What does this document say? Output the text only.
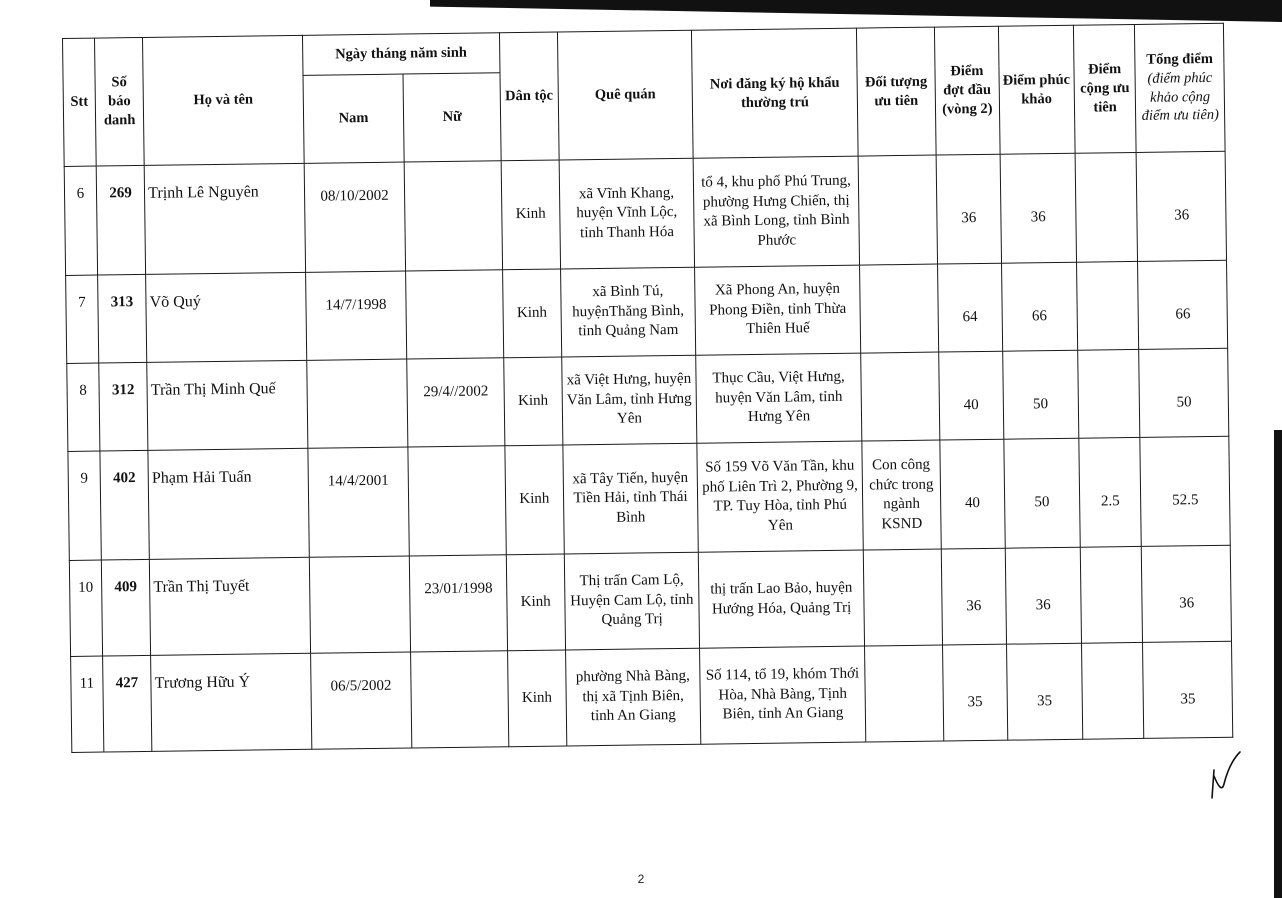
Stt	Số báo danh	Họ và tên	Ngày tháng năm sinh		Dân tộc	Quê quán	Nơi đăng ký hộ khẩu thường trú	Đối tượng ưu tiên	Điểm đợt đầu (vòng 2)	Điểm phúc khảo	Điểm cộng ưu tiên	Tổng điểm
(điểm phúc khảo cộng điểm ưu tiên)
			Nam	Nữ								
6	269	Trịnh Lê Nguyên	08/10/2002		Kinh	xã Vĩnh Khang, huyện Vĩnh Lộc, tỉnh Thanh Hóa	tổ 4, khu phố Phú Trung, phường Hưng Chiến, thị xã Bình Long, tỉnh Bình Phước		36	36		36
7	313	Võ Quý	14/7/1998		Kinh	xã Bình Tú, huyệnThăng Bình, tỉnh Quảng Nam	Xã Phong An, huyện Phong Điền, tỉnh Thừa Thiên Huế		64	66		66
8	312	Trần Thị Minh Quế		29/4//2002	Kinh	xã Việt Hưng, huyện Văn Lâm, tỉnh Hưng Yên	Thục Cầu, Việt Hưng, huyện Văn Lâm, tỉnh Hưng Yên		40	50		50
9	402	Phạm Hải Tuấn	14/4/2001		Kinh	xã Tây Tiến, huyện Tiền Hải, tỉnh Thái Bình	Số 159 Võ Văn Tần, khu phố Liên Trì 2, Phường 9, TP. Tuy Hòa, tỉnh Phú Yên	Con công chức trong ngành KSND	40	50	2.5	52.5
10	409	Trần Thị Tuyết		23/01/1998	Kinh	Thị trấn Cam Lộ, Huyện Cam Lộ, tỉnh Quảng Trị	thị trấn Lao Bảo, huyện Hướng Hóa, Quảng Trị		36	36		36
11	427	Trương Hữu Ý	06/5/2002		Kinh	phường Nhà Bàng, thị xã Tịnh Biên, tỉnh An Giang	Số 114, tổ 19, khóm Thới Hòa, Nhà Bàng, Tịnh Biên, tỉnh An Giang		35	35		35
2
